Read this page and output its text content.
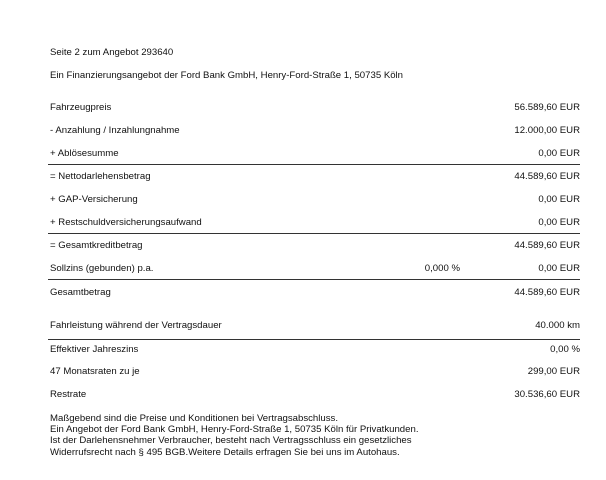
Seite 2 zum Angebot 293640
Ein Finanzierungsangebot der Ford Bank GmbH, Henry-Ford-Straße 1, 50735 Köln
Fahrzeugpreis	56.589,60 EUR
- Anzahlung / Inzahlungnahme	12.000,00 EUR
+ Ablösesumme	0,00 EUR
= Nettodarlehensbetrag	44.589,60 EUR
+ GAP-Versicherung	0,00 EUR
+ Restschuldversicherungsaufwand	0,00 EUR
= Gesamtkreditbetrag	44.589,60 EUR
Sollzins (gebunden) p.a.	0,000 %	0,00 EUR
Gesamtbetrag	44.589,60 EUR
Fahrleistung während der Vertragsdauer	40.000 km
Effektiver Jahreszins	0,00 %
47 Monatsraten zu je	299,00 EUR
Restrate	30.536,60 EUR
Maßgebend sind die Preise und Konditionen bei Vertragsabschluss.
Ein Angebot der Ford Bank GmbH, Henry-Ford-Straße 1, 50735 Köln für Privatkunden.
Ist der Darlehensnehmer Verbraucher, besteht nach Vertragsschluss ein gesetzliches
Widerrufsrecht nach § 495 BGB.Weitere Details erfragen Sie bei uns im Autohaus.
